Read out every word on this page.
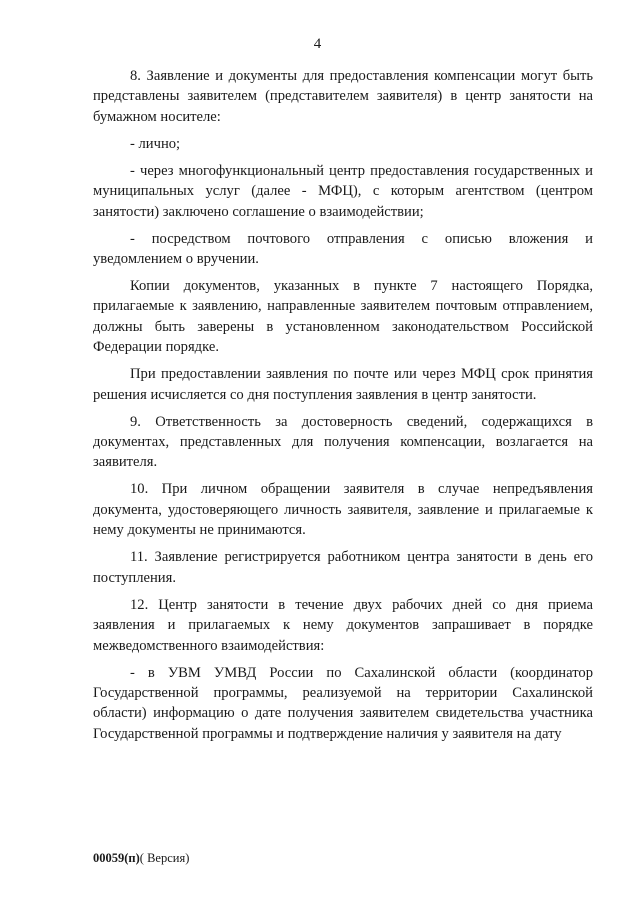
4

8. Заявление и документы для предоставления компенсации могут быть представлены заявителем (представителем заявителя) в центр занятости на бумажном носителе:

- лично;

- через многофункциональный центр предоставления государственных и муниципальных услуг (далее - МФЦ), с которым агентством (центром занятости) заключено соглашение о взаимодействии;

- посредством почтового отправления с описью вложения и уведомлением о вручении.

Копии документов, указанных в пункте 7 настоящего Порядка, прилагаемые к заявлению, направленные заявителем почтовым отправлением, должны быть заверены в установленном законодательством Российской Федерации порядке.

При предоставлении заявления по почте или через МФЦ срок принятия решения исчисляется со дня поступления заявления в центр занятости.

9. Ответственность за достоверность сведений, содержащихся в документах, представленных для получения компенсации, возлагается на заявителя.

10. При личном обращении заявителя в случае непредъявления документа, удостоверяющего личность заявителя, заявление и прилагаемые к нему документы не принимаются.

11. Заявление регистрируется работником центра занятости в день его поступления.

12. Центр занятости в течение двух рабочих дней со дня приема заявления и прилагаемых к нему документов запрашивает в порядке межведомственного взаимодействия:

- в УВМ УМВД России по Сахалинской области (координатор Государственной программы, реализуемой на территории Сахалинской области) информацию о дате получения заявителем свидетельства участника Государственной программы и подтверждение наличия у заявителя на дату

00059(п)( Версия)
